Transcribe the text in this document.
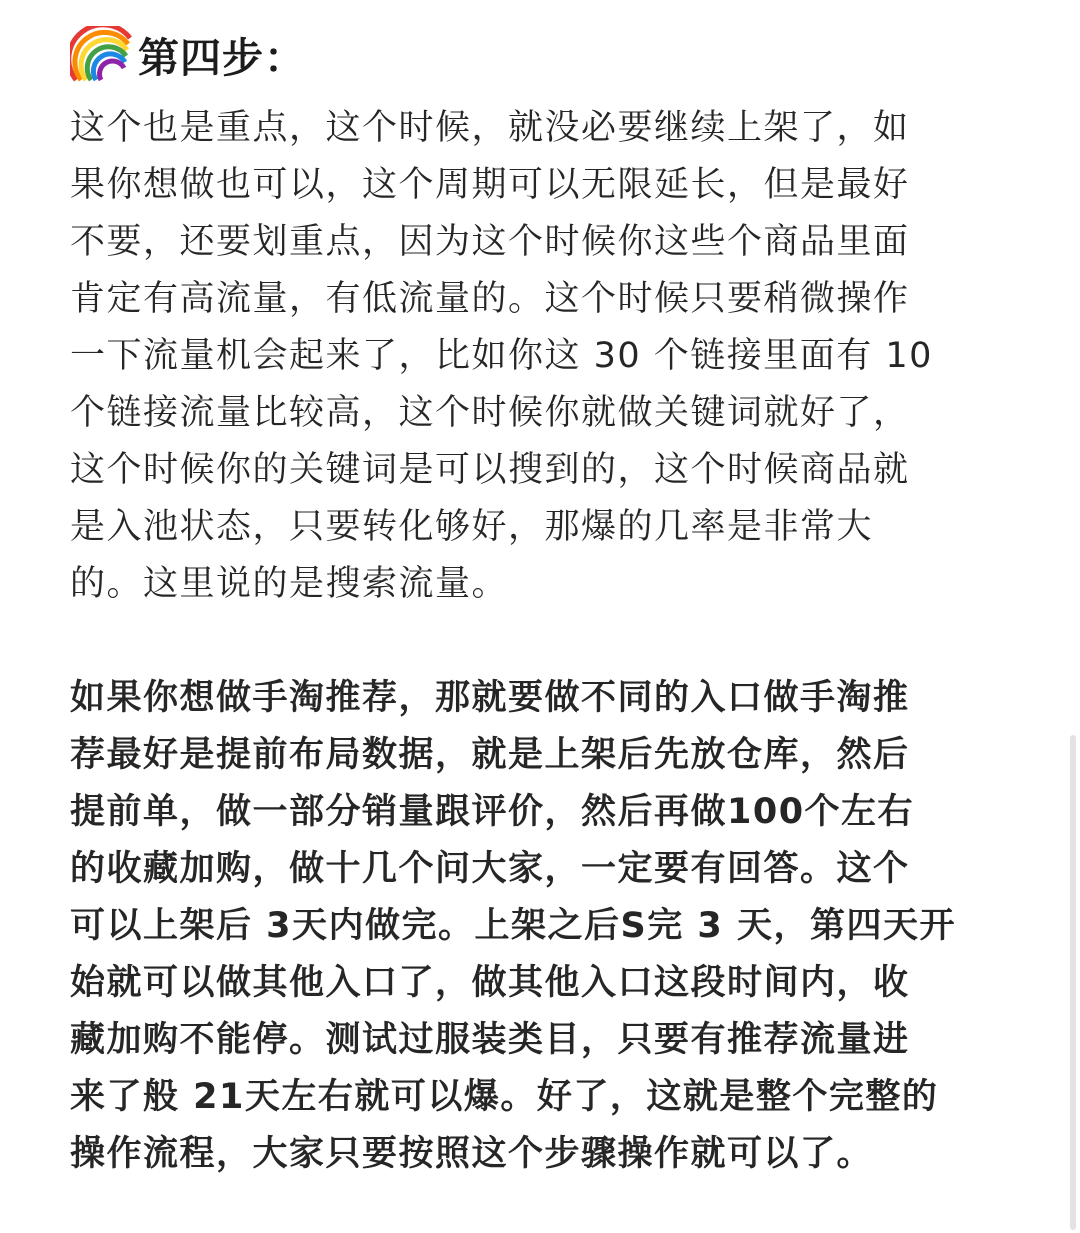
第四步：
这个也是重点，这个时候，就没必要继续上架了，如
果你想做也可以，这个周期可以无限延长，但是最好
不要，还要划重点，因为这个时候你这些个商品里面
肯定有高流量，有低流量的。这个时候只要稍微操作
一下流量机会起来了，比如你这 30 个链接里面有 10
个链接流量比较高，这个时候你就做关键词就好了，
这个时候你的关键词是可以搜到的，这个时候商品就
是入池状态，只要转化够好，那爆的几率是非常大
的。这里说的是搜索流量。
如果你想做手淘推荐，那就要做不同的入口做手淘推
荐最好是提前布局数据，就是上架后先放仓库，然后
提前单，做一部分销量跟评价，然后再做100个左右
的收藏加购，做十几个问大家，一定要有回答。这个
可以上架后 3天内做完。上架之后S完 3 天，第四天开
始就可以做其他入口了，做其他入口这段时间内，收
藏加购不能停。测试过服装类目，只要有推荐流量进
来了般 21天左右就可以爆。好了，这就是整个完整的
操作流程，大家只要按照这个步骤操作就可以了。
